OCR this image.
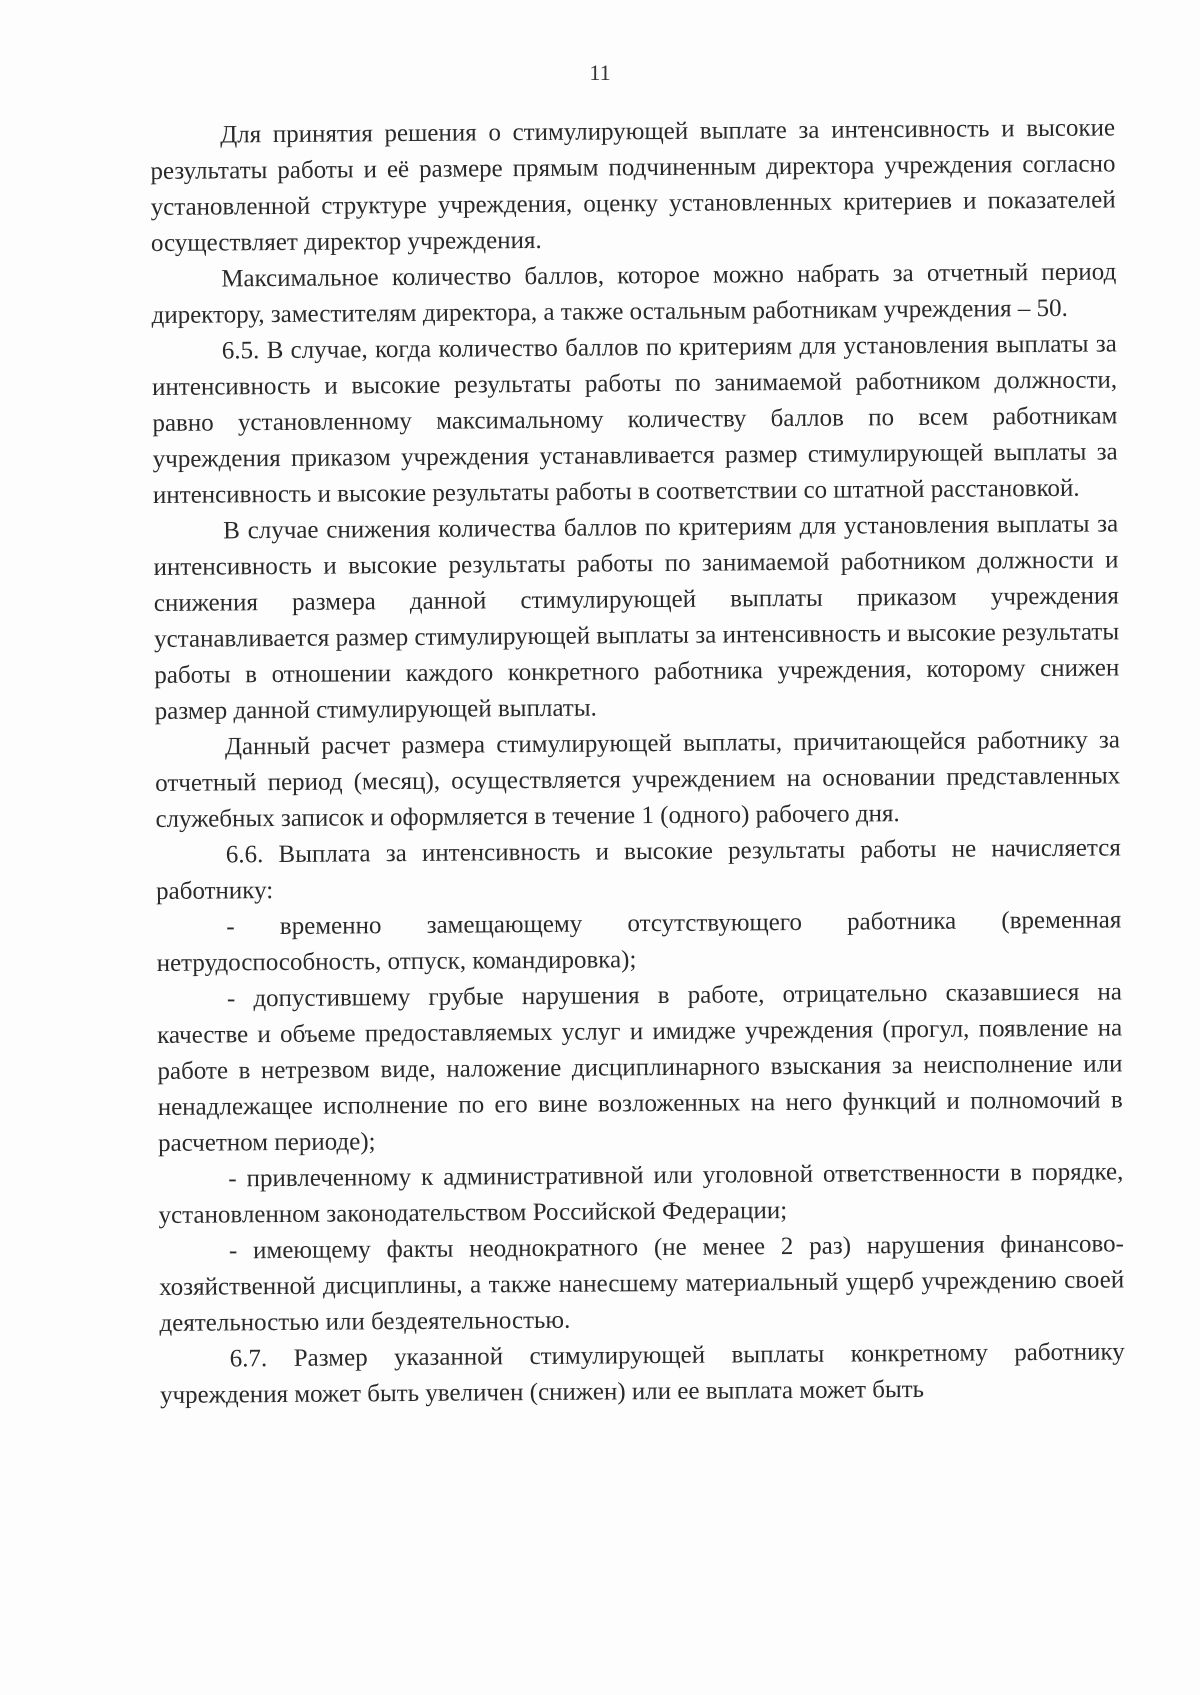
11

Для принятия решения о стимулирующей выплате за интенсивность и высокие результаты работы и её размере прямым подчиненным директора учреждения согласно установленной структуре учреждения, оценку установленных критериев и показателей осуществляет директор учреждения.

Максимальное количество баллов, которое можно набрать за отчетный период директору, заместителям директора, а также остальным работникам учреждения – 50.

6.5. В случае, когда количество баллов по критериям для установления выплаты за интенсивность и высокие результаты работы по занимаемой работником должности, равно установленному максимальному количеству баллов по всем работникам учреждения приказом учреждения устанавливается размер стимулирующей выплаты за интенсивность и высокие результаты работы в соответствии со штатной расстановкой.

В случае снижения количества баллов по критериям для установления выплаты за интенсивность и высокие результаты работы по занимаемой работником должности и снижения размера данной стимулирующей выплаты приказом учреждения устанавливается размер стимулирующей выплаты за интенсивность и высокие результаты работы в отношении каждого конкретного работника учреждения, которому снижен размер данной стимулирующей выплаты.

Данный расчет размера стимулирующей выплаты, причитающейся работнику за отчетный период (месяц), осуществляется учреждением на основании представленных служебных записок и оформляется в течение 1 (одного) рабочего дня.

6.6. Выплата за интенсивность и высокие результаты работы не начисляется работнику:

- временно замещающему отсутствующего работника (временная нетрудоспособность, отпуск, командировка);

- допустившему грубые нарушения в работе, отрицательно сказавшиеся на качестве и объеме предоставляемых услуг и имидже учреждения (прогул, появление на работе в нетрезвом виде, наложение дисциплинарного взыскания за неисполнение или ненадлежащее исполнение по его вине возложенных на него функций и полномочий в расчетном периоде);

- привлеченному к административной или уголовной ответственности в порядке, установленном законодательством Российской Федерации;

- имеющему факты неоднократного (не менее 2 раз) нарушения финансово-хозяйственной дисциплины, а также нанесшему материальный ущерб учреждению своей деятельностью или бездеятельностью.

6.7. Размер указанной стимулирующей выплаты конкретному работнику учреждения может быть увеличен (снижен) или ее выплата может быть
